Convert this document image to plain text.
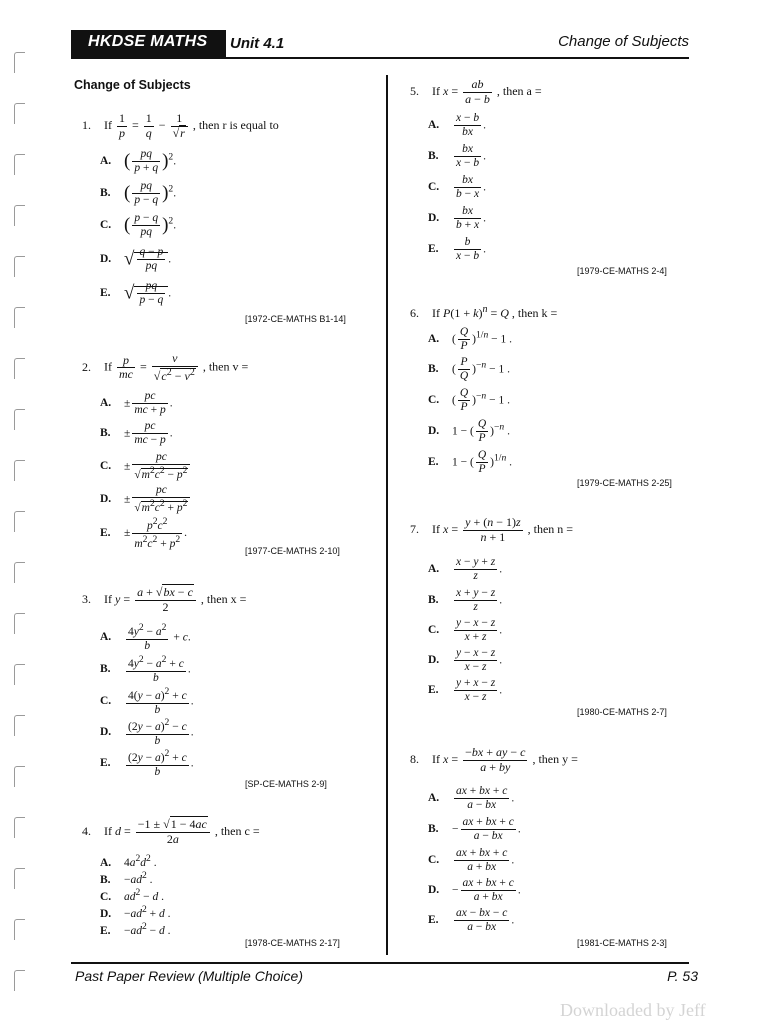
HKDSE MATHS Unit 4.1	Change of Subjects
Change of Subjects
1. If $\frac{1}{p} = \frac{1}{q} - \frac{1}{√r}$ , then r is equal to
A. ( $\frac{pq}{p + q} )^2$.
B. ( $\frac{pq}{p - q} )^2$.
C. ( $\frac{p - q}{pq} )^2$.
D. √ $\frac{q - p}{pq}$ .
E. √ $\frac{pq}{p - q}$ .
[1972-CE-MATHS B1-14]
2. If $\frac{p}{mc} = \frac{v}{√c^2 - v^2}$ , then v =
A. ± $\frac{pc}{mc + p}$ .
B. ± $\frac{pc}{mc - p}$ .
C. ± $\frac{pc}{√m^2c^2 - p^2}$
D. ± $\frac{pc}{√m^2c^2 + p^2}$
E. ± $\frac{p^2c^2}{m^2c^2 + p^2}$ .
[1977-CE-MATHS 2-10]
3. If $y = \frac{a + √bx - c}{2}$ , then x =
A. $\frac{4y^2 - a^2}{b} + c$.
B. $\frac{4y^2 - a^2 + c}{b}$ .
C. $\frac{4(y - a)^2 + c}{b}$ .
D. $\frac{(2y - a)^2 - c}{b}$ .
E. $\frac{(2y - a)^2 + c}{b}$ .
[SP-CE-MATHS 2-9]
4. If $d = \frac{-1 \pm √1 - 4ac}{2a}$ , then c =
A. $4a^2d^2$ .
B. $-ad^2$ .
C. $ad^2 - d$ .
D. $-ad^2 + d$ .
E. $-ad^2 - d$ .
[1978-CE-MATHS 2-17]
5. If $x = \frac{ab}{a - b}$ , then a =
A. $\frac{x - b}{bx}$ .
B. $\frac{bx}{x - b}$ .
C. $\frac{bx}{b - x}$ .
D. $\frac{bx}{b + x}$ .
E. $\frac{b}{x - b}$ .
[1979-CE-MATHS 2-4]
6. If $P(1 + k)^n = Q$ , then k =
A. ( $\frac{Q}{P} )^{1/n} - 1$ .
B. ( $\frac{P}{Q} )^{-n} - 1$ .
C. ( $\frac{Q}{P} )^{-n} - 1$ .
D. 1 − ( $\frac{Q}{P} )^{-n}$ .
E. 1 − ( $\frac{Q}{P} )^{1/n}$ .
[1979-CE-MATHS 2-25]
7. If $x = \frac{y + (n - 1)z}{n + 1}$ , then n =
A. $\frac{x - y + z}{z}$ .
B. $\frac{x + y - z}{z}$ .
C. $\frac{y - x - z}{x + z}$ .
D. $\frac{y - x - z}{x - z}$ .
E. $\frac{y + x - z}{x - z}$ .
[1980-CE-MATHS 2-7]
8. If $x = \frac{-bx + ay - c}{a + by}$ , then y =
A. $\frac{ax + bx + c}{a - bx}$ .
B. − $\frac{ax + bx + c}{a - bx}$ .
C. $\frac{ax + bx + c}{a + bx}$ .
D. − $\frac{ax + bx + c}{a + bx}$ .
E. $\frac{ax - bx - c}{a - bx}$ .
[1981-CE-MATHS 2-3]
Past Paper Review (Multiple Choice)	P. 53
Downloaded by Jeff
